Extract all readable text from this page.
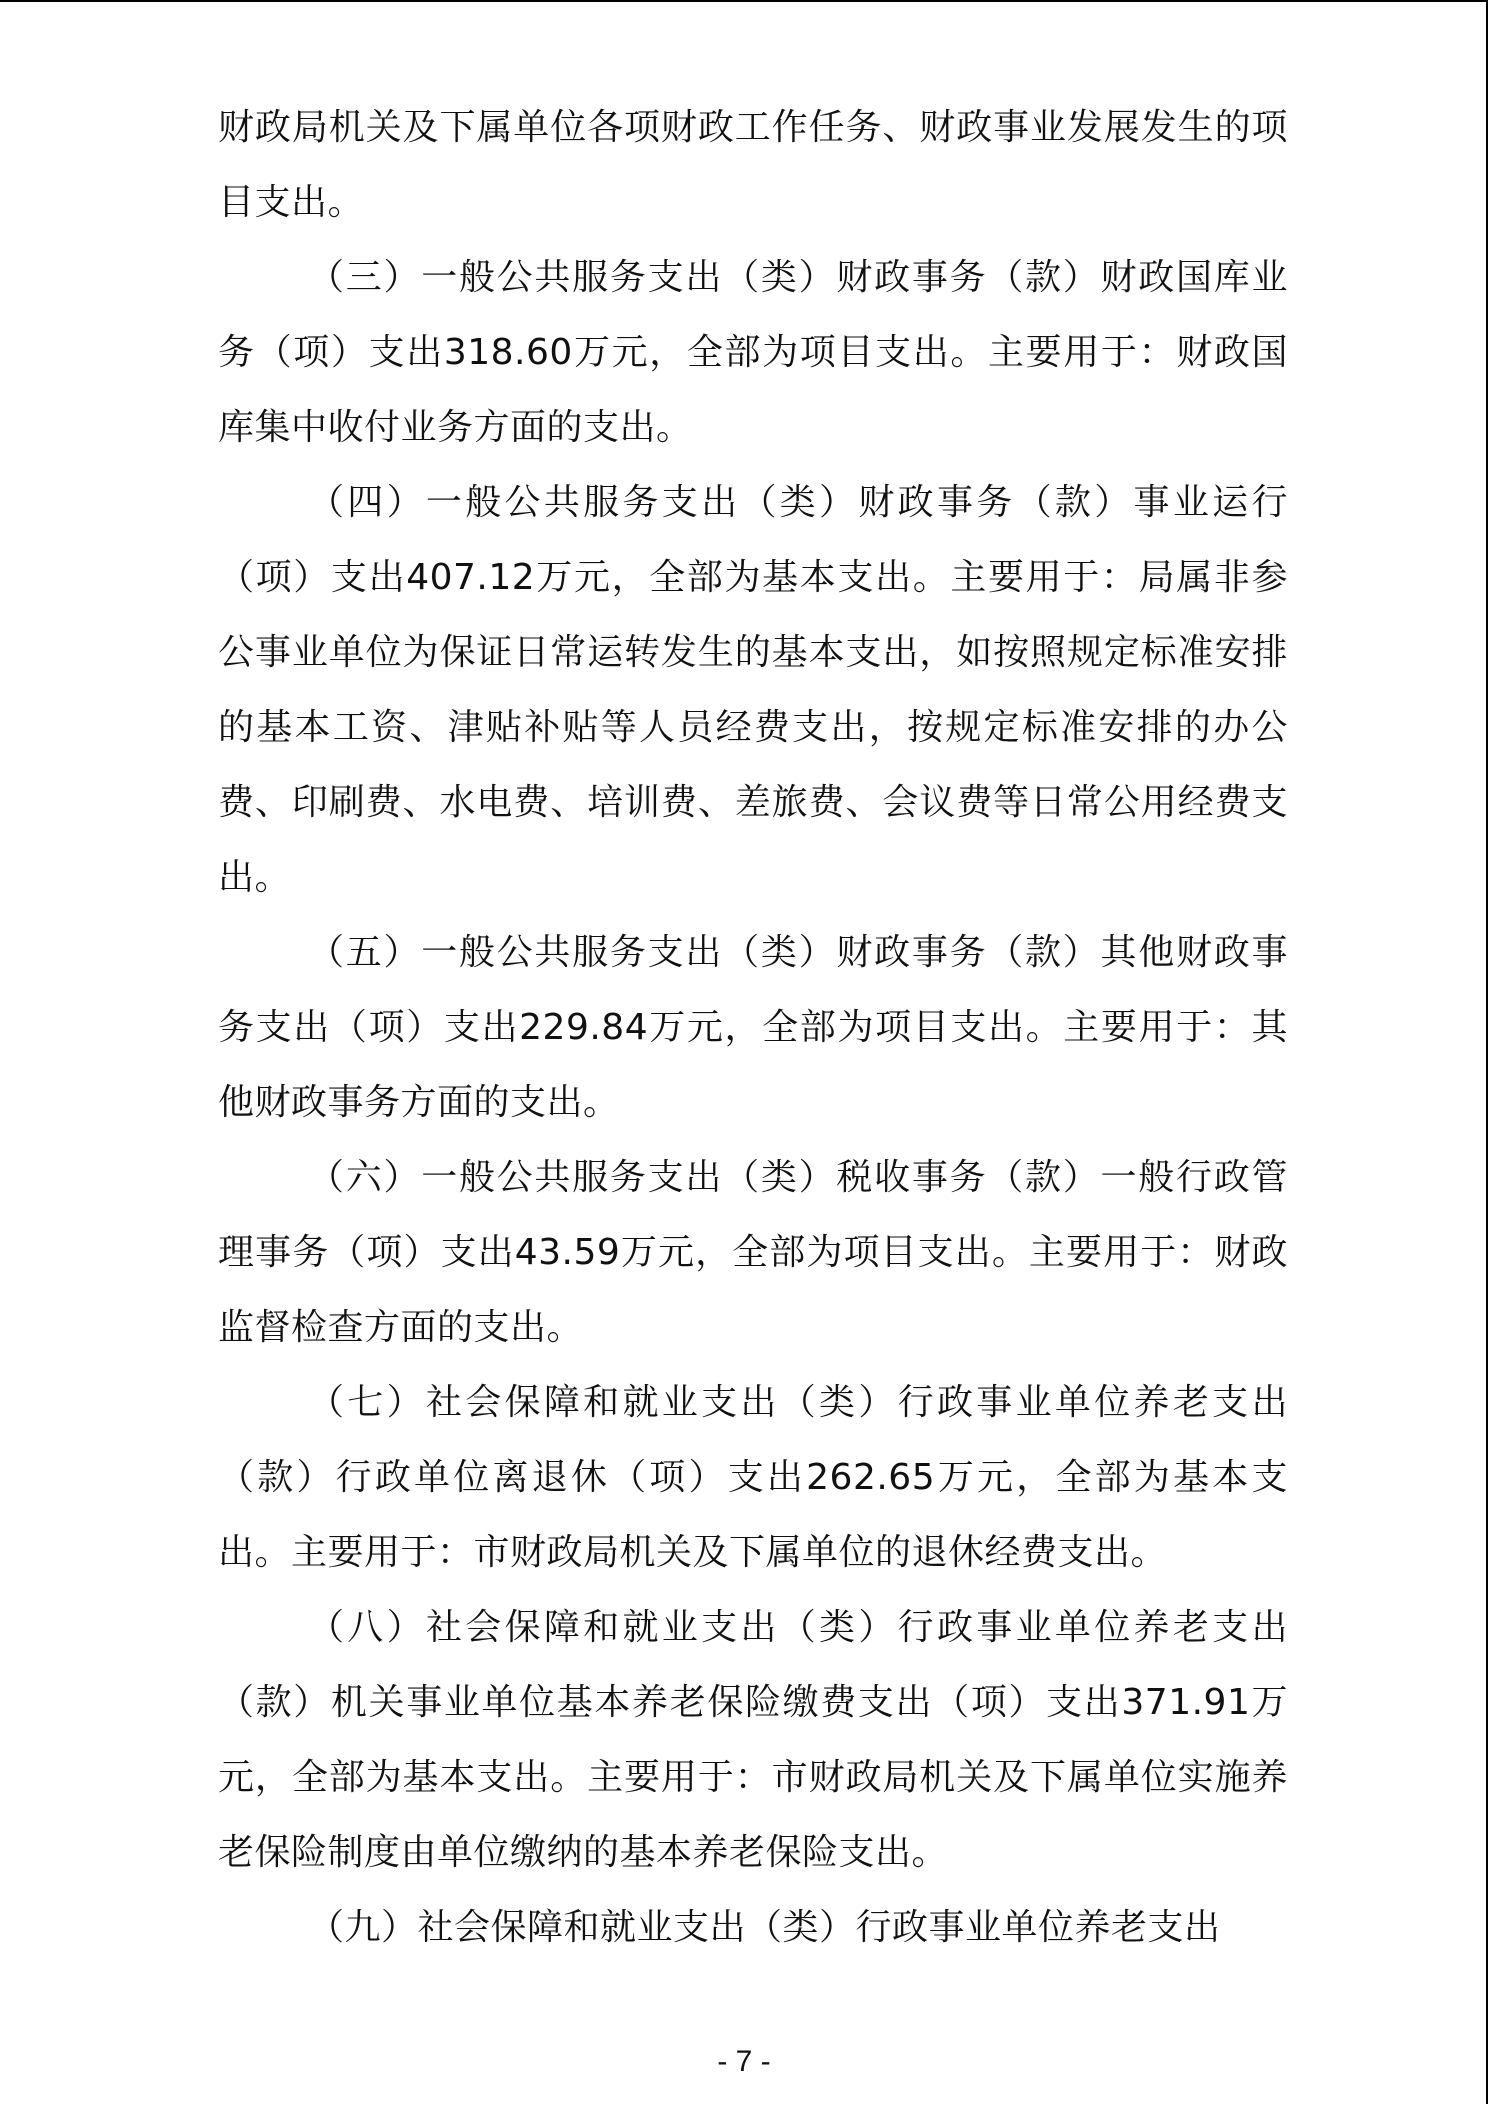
财政局机关及下属单位各项财政工作任务、财政事业发展发生的项目支出。

（三）一般公共服务支出（类）财政事务（款）财政国库业务（项）支出318.60万元，全部为项目支出。主要用于：财政国库集中收付业务方面的支出。

（四）一般公共服务支出（类）财政事务（款）事业运行（项）支出407.12万元，全部为基本支出。主要用于：局属非参公事业单位为保证日常运转发生的基本支出，如按照规定标准安排的基本工资、津贴补贴等人员经费支出，按规定标准安排的办公费、印刷费、水电费、培训费、差旅费、会议费等日常公用经费支出。

（五）一般公共服务支出（类）财政事务（款）其他财政事务支出（项）支出229.84万元，全部为项目支出。主要用于：其他财政事务方面的支出。

（六）一般公共服务支出（类）税收事务（款）一般行政管理事务（项）支出43.59万元，全部为项目支出。主要用于：财政监督检查方面的支出。

（七）社会保障和就业支出（类）行政事业单位养老支出（款）行政单位离退休（项）支出262.65万元，全部为基本支出。主要用于：市财政局机关及下属单位的退休经费支出。

（八）社会保障和就业支出（类）行政事业单位养老支出（款）机关事业单位基本养老保险缴费支出（项）支出371.91万元，全部为基本支出。主要用于：市财政局机关及下属单位实施养老保险制度由单位缴纳的基本养老保险支出。

（九）社会保障和就业支出（类）行政事业单位养老支出

- 7 -
